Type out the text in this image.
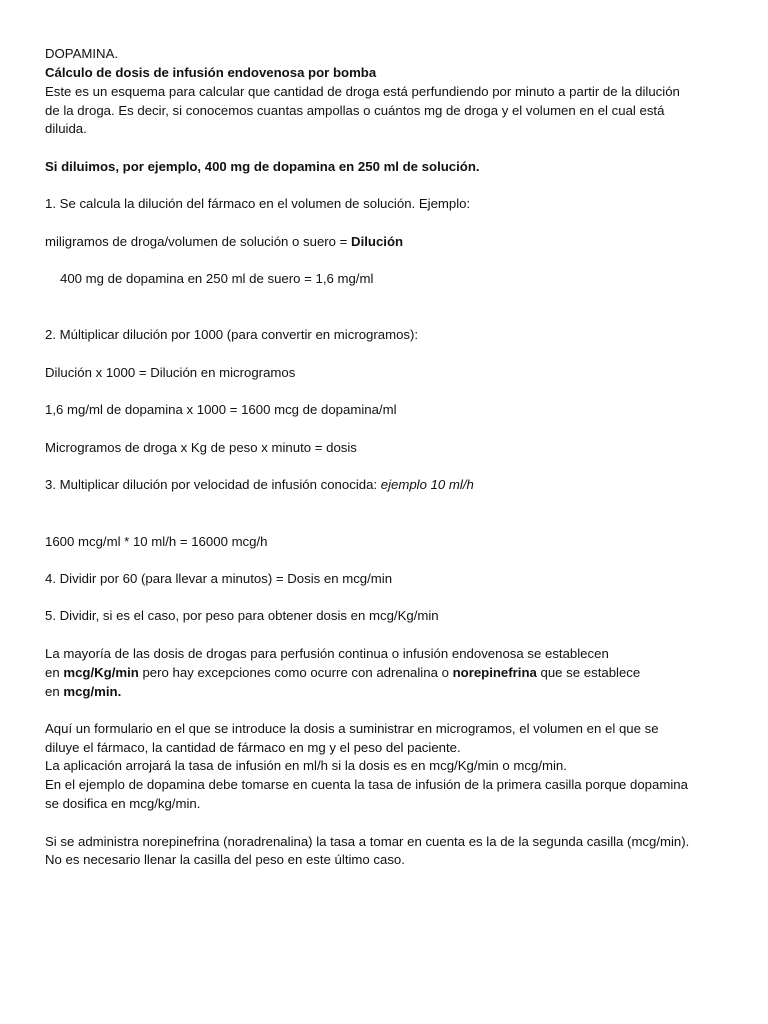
DOPAMINA.
Cálculo de dosis de infusión endovenosa por bomba
Este es un esquema para calcular que cantidad de droga está perfundiendo por minuto a partir de la dilución
de la droga. Es decir, si conocemos cuantas ampollas o cuántos mg de droga y el volumen en el cual está
diluida.
Si diluimos, por ejemplo, 400 mg de dopamina en 250 ml de solución.
1. Se calcula la dilución del fármaco en el volumen de solución. Ejemplo:
miligramos de droga/volumen de solución o suero = Dilución
400 mg de dopamina en 250 ml de suero = 1,6 mg/ml
2. Múltiplicar dilución por 1000 (para convertir en microgramos):
Dilución x 1000 = Dilución en microgramos
1,6 mg/ml de dopamina x 1000 = 1600 mcg de dopamina/ml
Microgramos de droga x Kg de peso x minuto = dosis
3. Multiplicar dilución por velocidad de infusión conocida: ejemplo 10 ml/h
1600 mcg/ml * 10 ml/h = 16000 mcg/h
4. Dividir por 60 (para llevar a minutos) = Dosis en mcg/min
5. Dividir, si es el caso, por peso para obtener dosis en mcg/Kg/min
La mayoría de las dosis de drogas para perfusión continua o infusión endovenosa se establecen
en mcg/Kg/min pero hay excepciones como ocurre con adrenalina o norepinefrina que se establece
en mcg/min.
Aquí un formulario en el que se introduce la dosis a suministrar en microgramos, el volumen en el que se
diluye el fármaco, la cantidad de fármaco en mg y el peso del paciente.
La aplicación arrojará la tasa de infusión en ml/h si la dosis es en mcg/Kg/min o mcg/min.
En el ejemplo de dopamina debe tomarse en cuenta la tasa de infusión de la primera casilla porque dopamina
se dosifica en mcg/kg/min.
Si se administra norepinefrina (noradrenalina) la tasa a tomar en cuenta es la de la segunda casilla (mcg/min).
No es necesario llenar la casilla del peso en este último caso.
